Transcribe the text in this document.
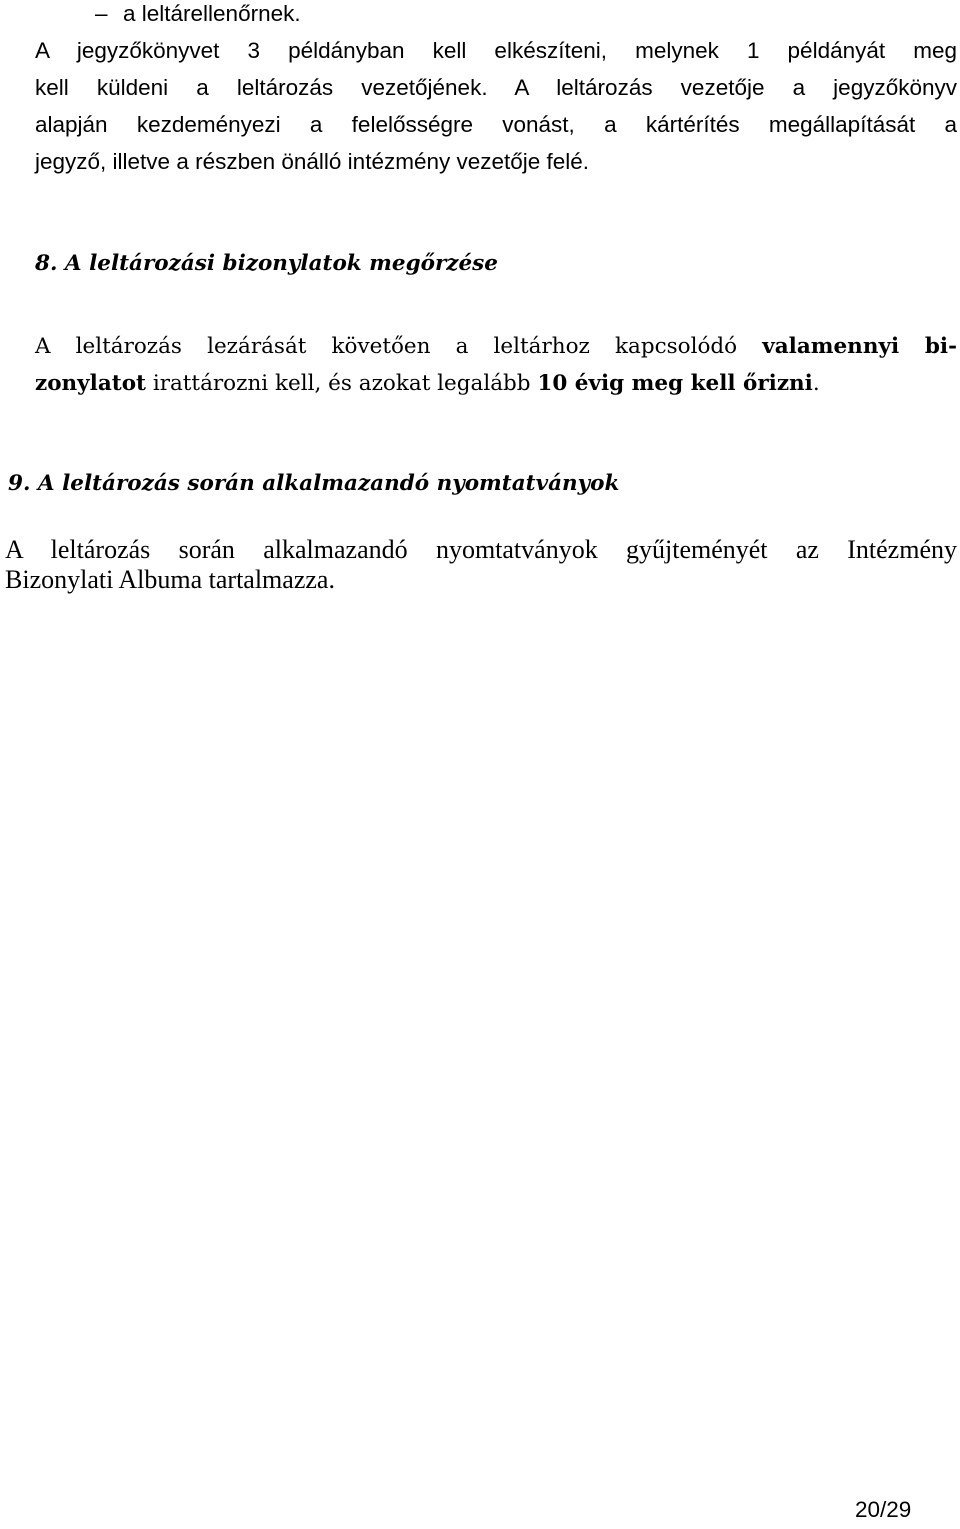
– a leltárellenőrnek.
A jegyzőkönyvet 3 példányban kell elkészíteni, melynek 1 példányát meg
kell küldeni a leltározás vezetőjének. A leltározás vezetője a jegyzőkönyv
alapján kezdeményezi a felelősségre vonást, a kártérítés megállapítását a
jegyző, illetve a részben önálló intézmény vezetője felé.
8. A leltározási bizonylatok megőrzése
A leltározás lezárását követően a leltárhoz kapcsolódó valamennyi bi-
zonylatot irattározni kell, és azokat legalább 10 évig meg kell őrizni.
9. A leltározás során alkalmazandó nyomtatványok
A leltározás során alkalmazandó nyomtatványok gyűjteményét az Intézmény
Bizonylati Albuma tartalmazza.
20/29
